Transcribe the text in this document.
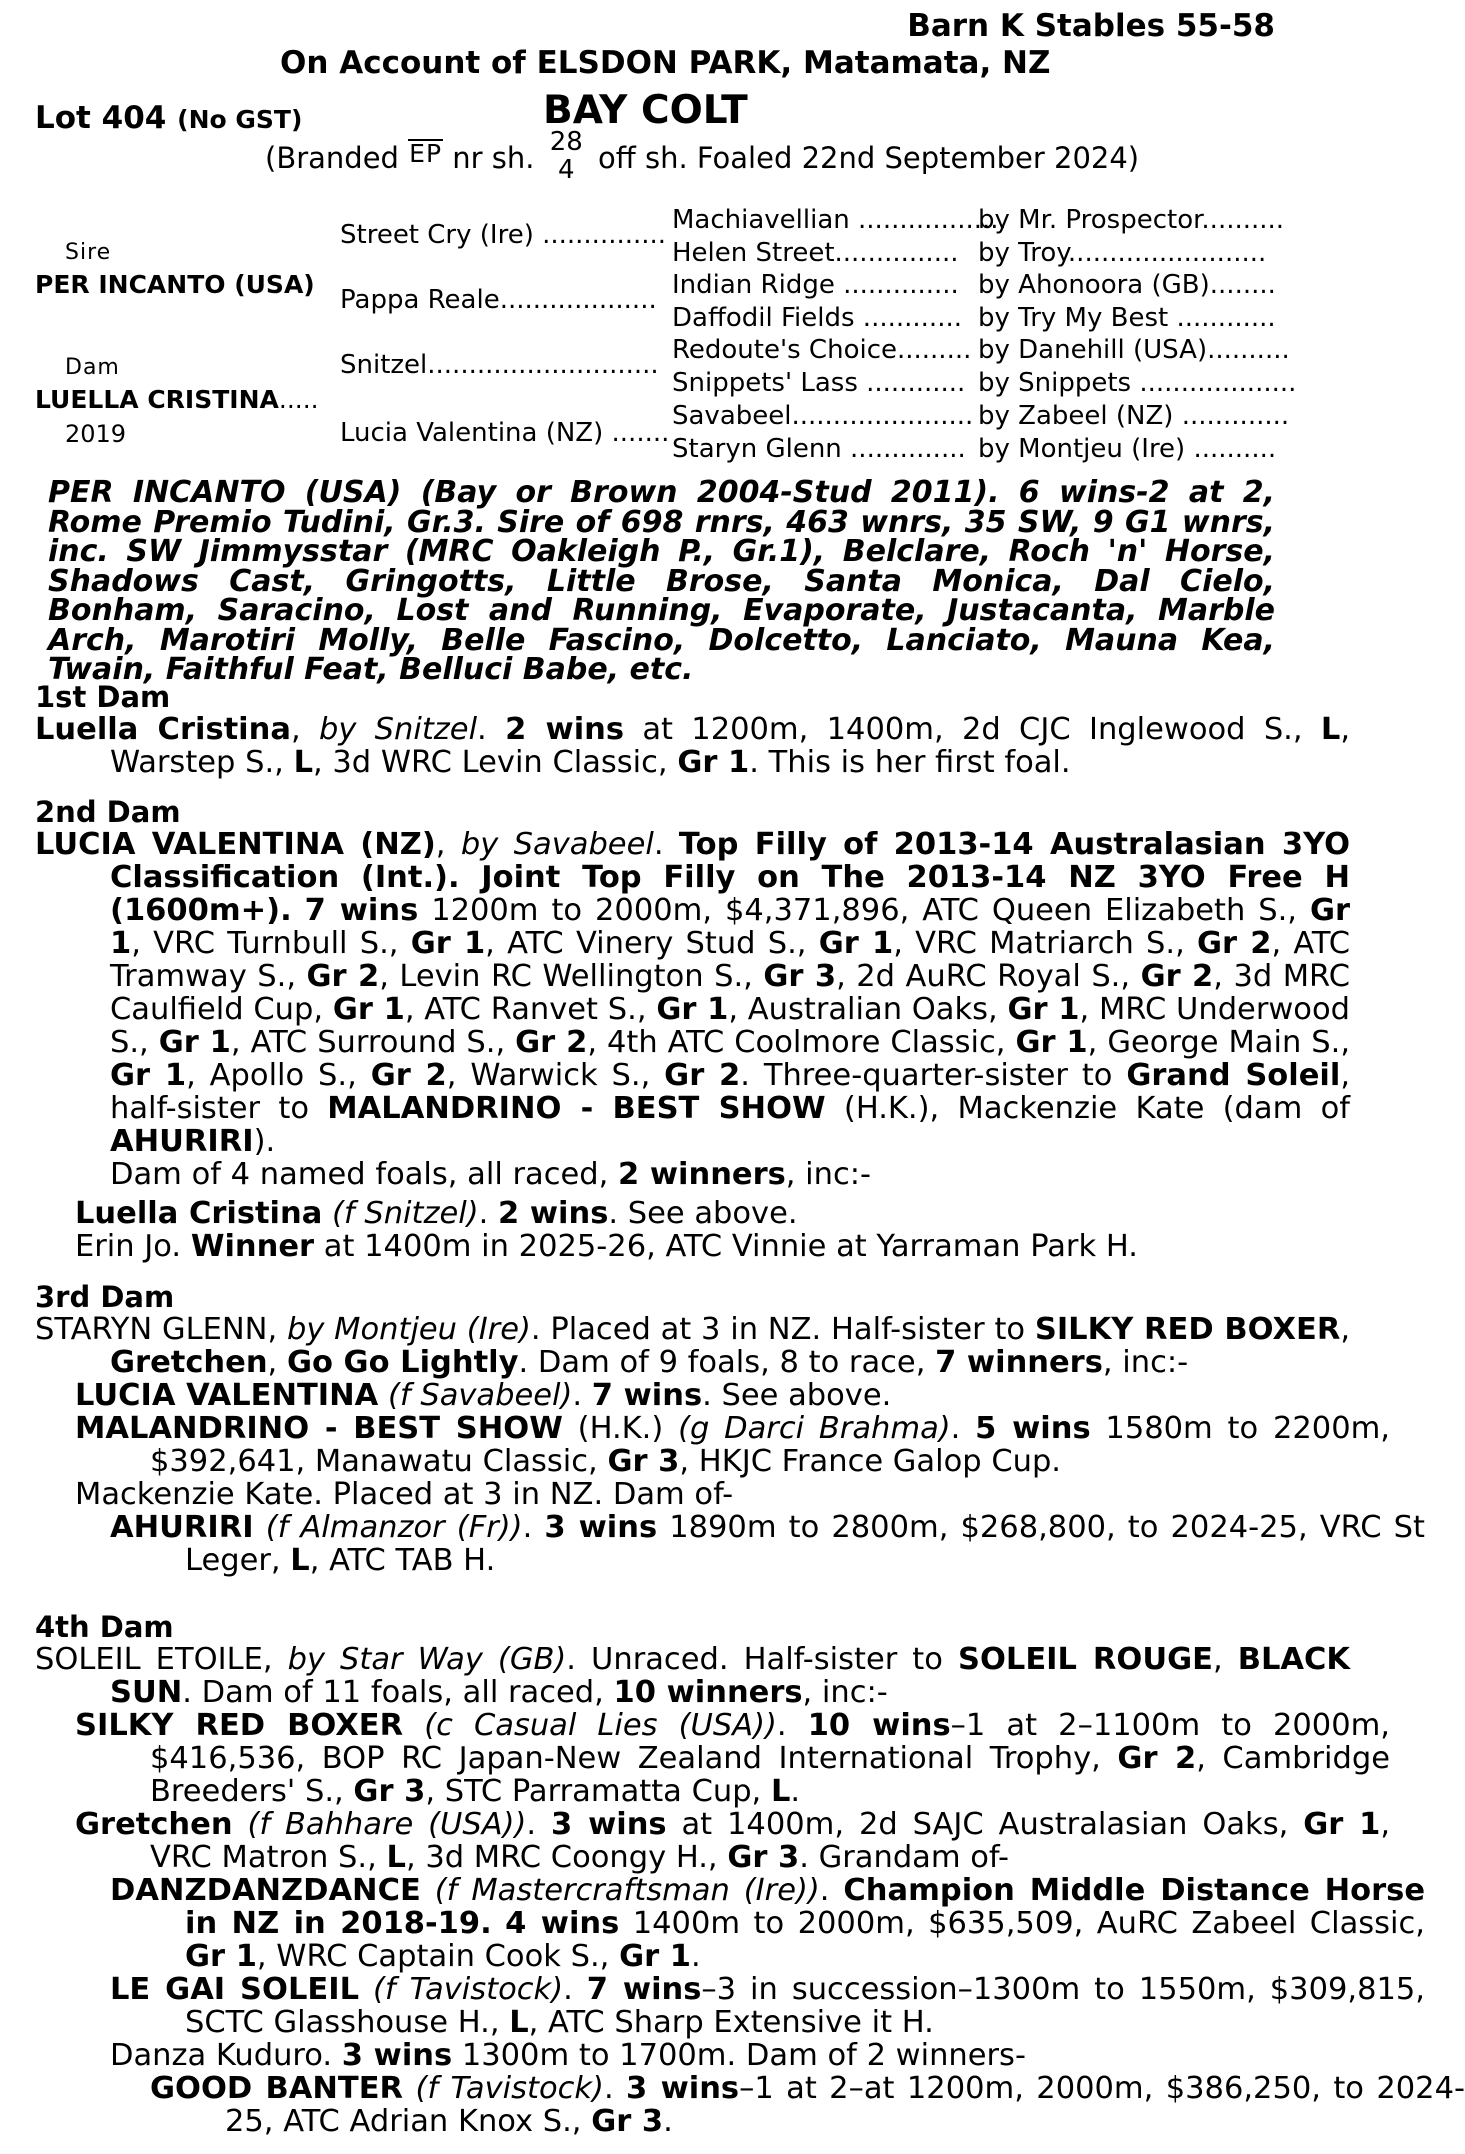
Barn K Stables 55-58
On Account of ELSDON PARK, Matamata, NZ
Lot 404 (No GST)	BAY COLT
(Branded EP nr sh. 28
4 off sh. Foaled 22nd September 2024)
Sire
PER INCANTO (USA)
Dam
LUELLA CRISTINA.....
2019
Street Cry (Ire) ...............
Pappa Reale...................
Snitzel............................
Lucia Valentina (NZ) .......
Machiavellian ..................
by Mr. Prospector..........
Helen Street............... by Troy........................
Indian Ridge .............. by Ahonoora (GB)........
Daffodil Fields ............ by Try My Best ............
Redoute's Choice......... by Danehill (USA)..........
Snippets' Lass ............ by Snippets ...................
Savabeel...................... by Zabeel (NZ) .............
Staryn Glenn .............. by Montjeu (Ire) ..........
PER INCANTO (USA) (Bay or Brown 2004-Stud 2011). 6 wins-2 at 2, Rome Premio Tudini, Gr.3. Sire of 698 rnrs, 463 wnrs, 35 SW, 9 G1 wnrs, inc. SW Jimmysstar (MRC Oakleigh P., Gr.1), Belclare, Roch 'n' Horse, Shadows Cast, Gringotts, Little Brose, Santa Monica, Dal Cielo, Bonham, Saracino, Lost and Running, Evaporate, Justacanta, Marble Arch, Marotiri Molly, Belle Fascino, Dolcetto, Lanciato, Mauna Kea, Twain, Faithful Feat, Belluci Babe, etc.
1st Dam
Luella Cristina, by Snitzel. 2 wins at 1200m, 1400m, 2d CJC Inglewood S., L, Warstep S., L, 3d WRC Levin Classic, Gr 1. This is her first foal.
2nd Dam
LUCIA VALENTINA (NZ), by Savabeel. Top Filly of 2013-14 Australasian 3YO Classification (Int.). Joint Top Filly on The 2013-14 NZ 3YO Free H (1600m+). 7 wins 1200m to 2000m, $4,371,896, ATC Queen Elizabeth S., Gr 1, VRC Turnbull S., Gr 1, ATC Vinery Stud S., Gr 1, VRC Matriarch S., Gr 2, ATC Tramway S., Gr 2, Levin RC Wellington S., Gr 3, 2d AuRC Royal S., Gr 2, 3d MRC Caulfield Cup, Gr 1, ATC Ranvet S., Gr 1, Australian Oaks, Gr 1, MRC Underwood S., Gr 1, ATC Surround S., Gr 2, 4th ATC Coolmore Classic, Gr 1, George Main S., Gr 1, Apollo S., Gr 2, Warwick S., Gr 2. Three-quarter-sister to Grand Soleil, half-sister to MALANDRINO - BEST SHOW (H.K.), Mackenzie Kate (dam of AHURIRI).
Dam of 4 named foals, all raced, 2 winners, inc:-
Luella Cristina (f Snitzel). 2 wins. See above.
Erin Jo. Winner at 1400m in 2025-26, ATC Vinnie at Yarraman Park H.
3rd Dam
STARYN GLENN, by Montjeu (Ire). Placed at 3 in NZ. Half-sister to SILKY RED BOXER, Gretchen, Go Go Lightly. Dam of 9 foals, 8 to race, 7 winners, inc:-
LUCIA VALENTINA (f Savabeel). 7 wins. See above.
MALANDRINO - BEST SHOW (H.K.) (g Darci Brahma). 5 wins 1580m to 2200m, $392,641, Manawatu Classic, Gr 3, HKJC France Galop Cup.
Mackenzie Kate. Placed at 3 in NZ. Dam of-
AHURIRI (f Almanzor (Fr)). 3 wins 1890m to 2800m, $268,800, to 2024-25, VRC St Leger, L, ATC TAB H.
4th Dam
SOLEIL ETOILE, by Star Way (GB). Unraced. Half-sister to SOLEIL ROUGE, BLACK SUN. Dam of 11 foals, all raced, 10 winners, inc:-
SILKY RED BOXER (c Casual Lies (USA)). 10 wins–1 at 2–1100m to 2000m, $416,536, BOP RC Japan-New Zealand International Trophy, Gr 2, Cambridge Breeders' S., Gr 3, STC Parramatta Cup, L.
Gretchen (f Bahhare (USA)). 3 wins at 1400m, 2d SAJC Australasian Oaks, Gr 1, VRC Matron S., L, 3d MRC Coongy H., Gr 3. Grandam of-
DANZDANZDANCE (f Mastercraftsman (Ire)). Champion Middle Distance Horse in NZ in 2018-19. 4 wins 1400m to 2000m, $635,509, AuRC Zabeel Classic, Gr 1, WRC Captain Cook S., Gr 1.
LE GAI SOLEIL (f Tavistock). 7 wins–3 in succession–1300m to 1550m, $309,815, SCTC Glasshouse H., L, ATC Sharp Extensive it H.
Danza Kuduro. 3 wins 1300m to 1700m. Dam of 2 winners-
GOOD BANTER (f Tavistock). 3 wins–1 at 2–at 1200m, 2000m, $386,250, to 2024-25, ATC Adrian Knox S., Gr 3.
